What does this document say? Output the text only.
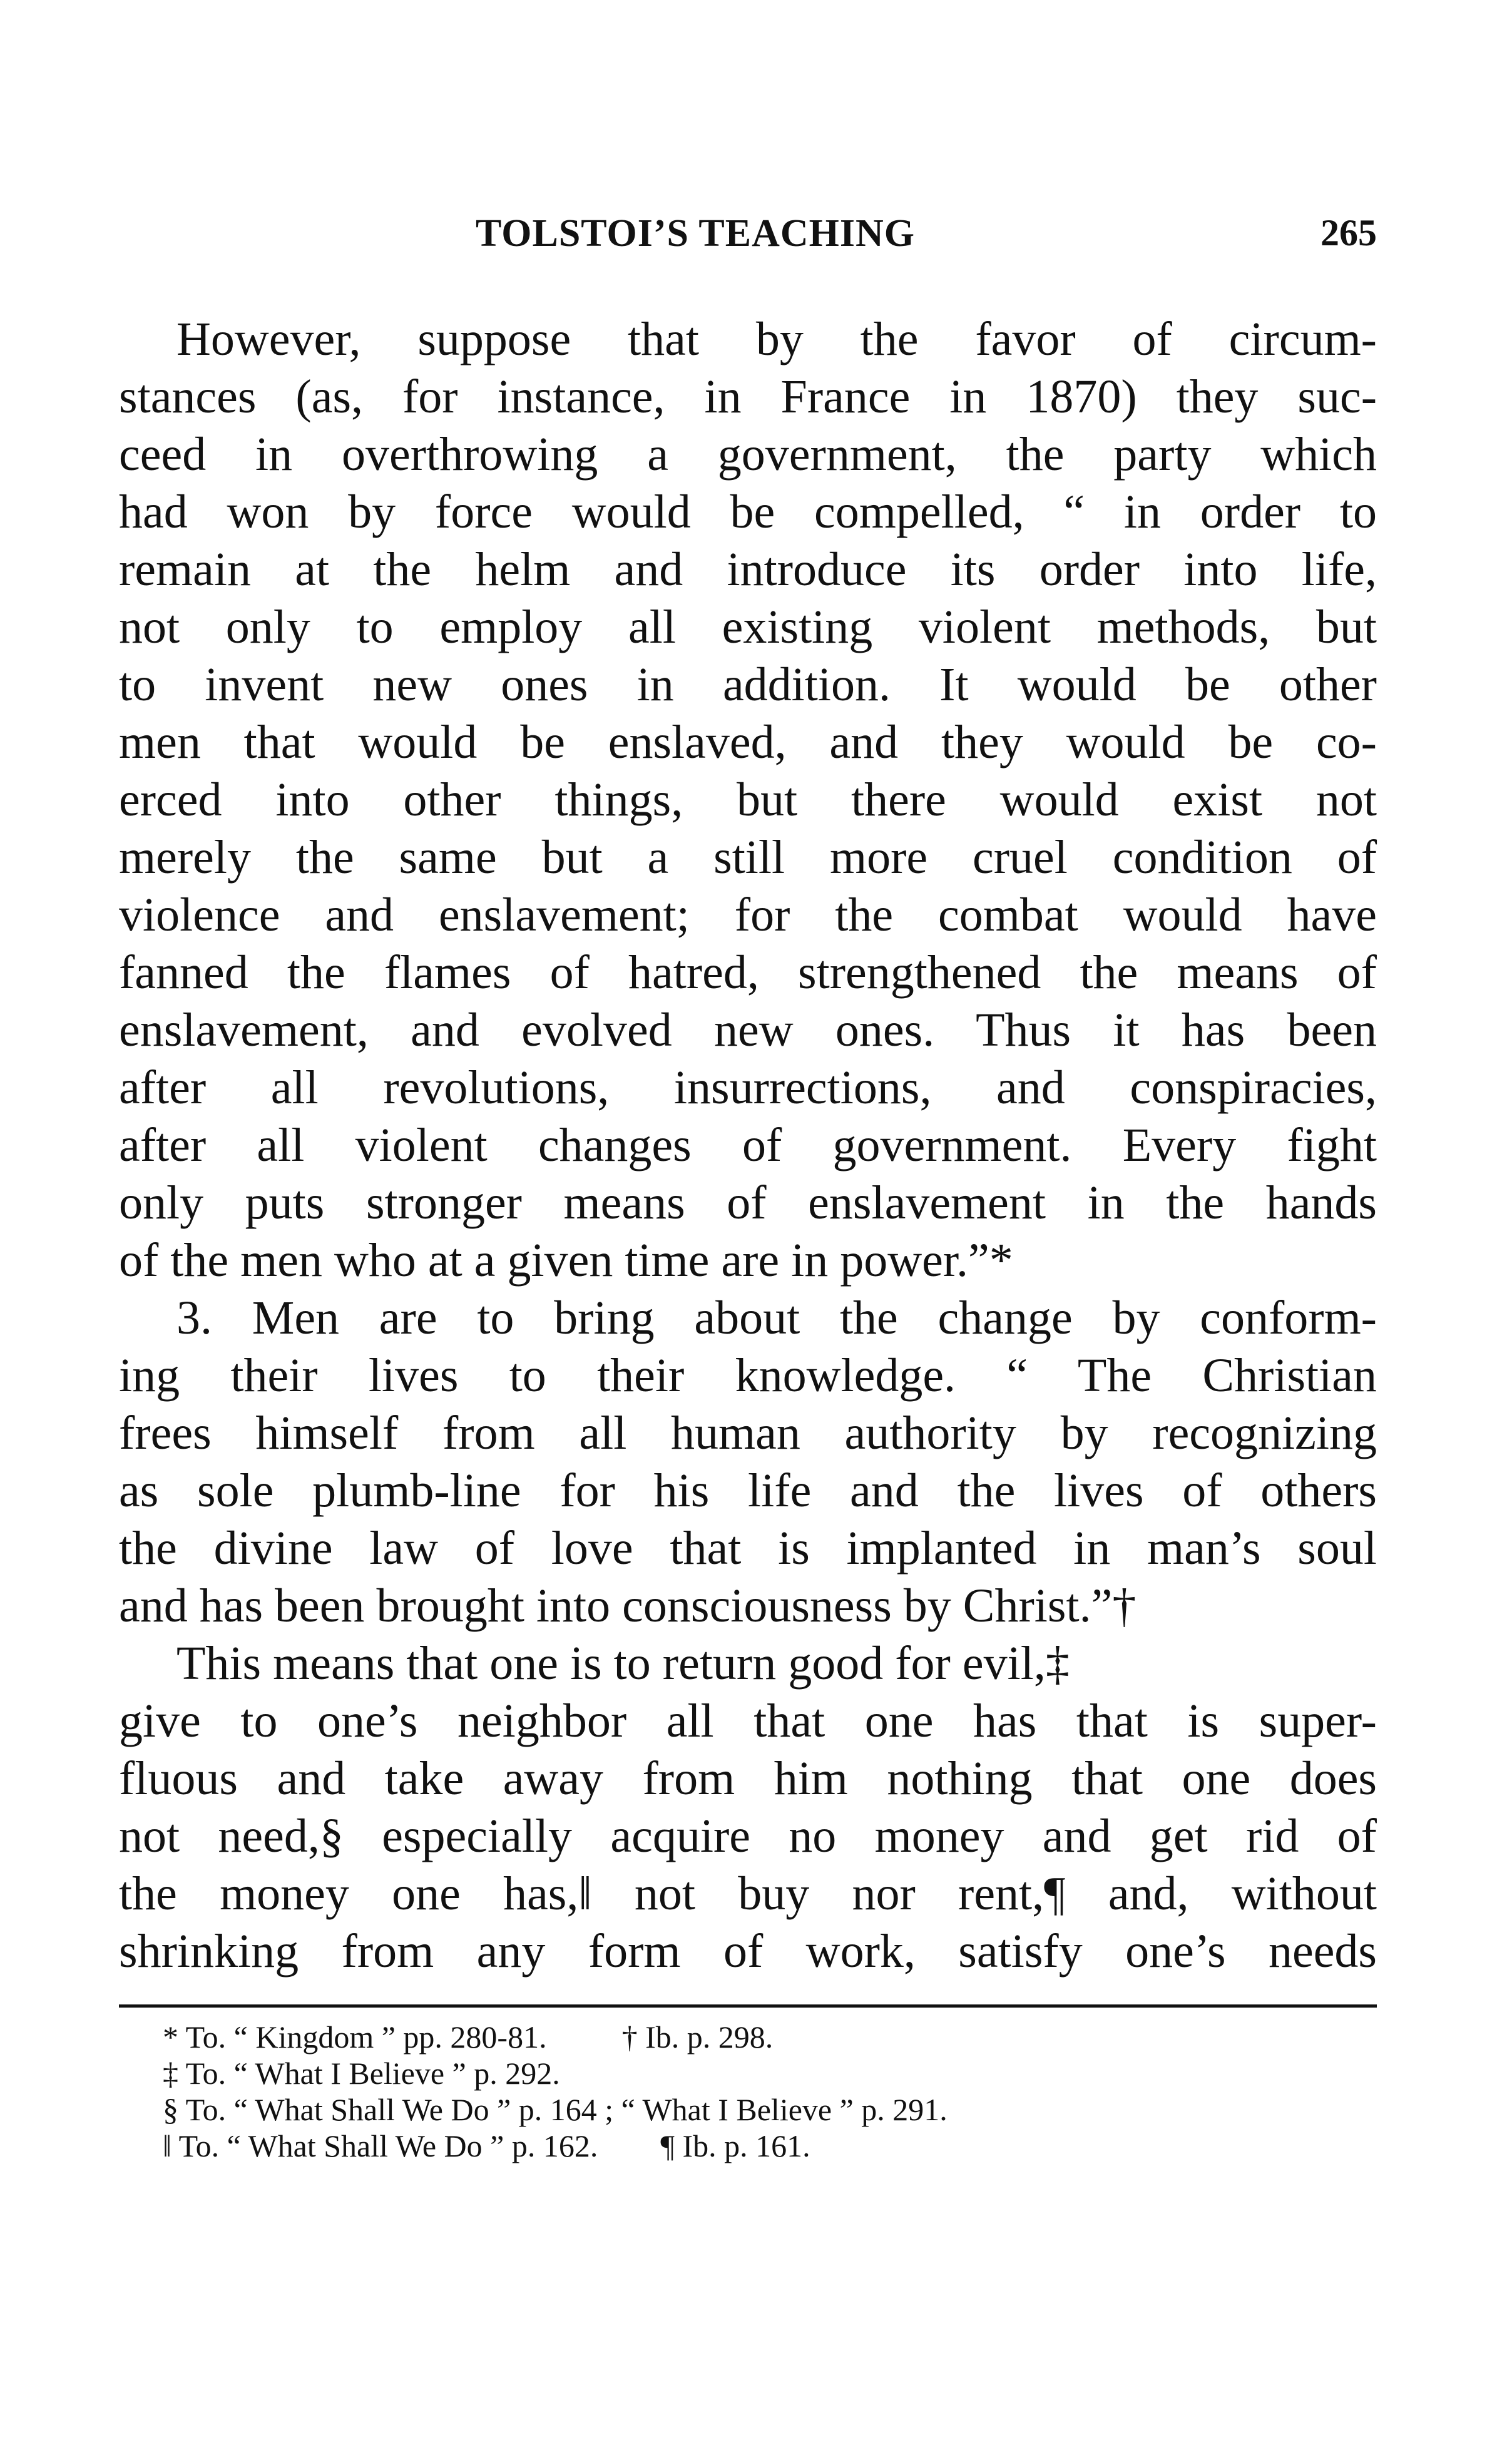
TOLSTOI’S TEACHING	265
However, suppose that by the favor of circum-
stances (as, for instance, in France in 1870) they suc-
ceed in overthrowing a government, the party which
had won by force would be compelled, “ in order to
remain at the helm and introduce its order into life,
not only to employ all existing violent methods, but
to invent new ones in addition. It would be other
men that would be enslaved, and they would be co-
erced into other things, but there would exist not
merely the same but a still more cruel condition of
violence and enslavement; for the combat would have
fanned the flames of hatred, strengthened the means of
enslavement, and evolved new ones. Thus it has been
after all revolutions, insurrections, and conspiracies,
after all violent changes of government. Every fight
only puts stronger means of enslavement in the hands
of the men who at a given time are in power.”*
3. Men are to bring about the change by conform-
ing their lives to their knowledge. “ The Christian
frees himself from all human authority by recognizing
as sole plumb-line for his life and the lives of others
the divine law of love that is implanted in man’s soul
and has been brought into consciousness by Christ.”†
This means that one is to return good for evil,‡
give to one’s neighbor all that one has that is super-
fluous and take away from him nothing that one does
not need,§ especially acquire no money and get rid of
the money one has,‖ not buy nor rent,¶ and, without
shrinking from any form of work, satisfy one’s needs
* To. “ Kingdom ” pp. 280-81. † Ib. p. 298.
‡ To. “ What I Believe ” p. 292.
§ To. “ What Shall We Do ” p. 164 ; “ What I Believe ” p. 291.
‖ To. “ What Shall We Do ” p. 162. ¶ Ib. p. 161.
